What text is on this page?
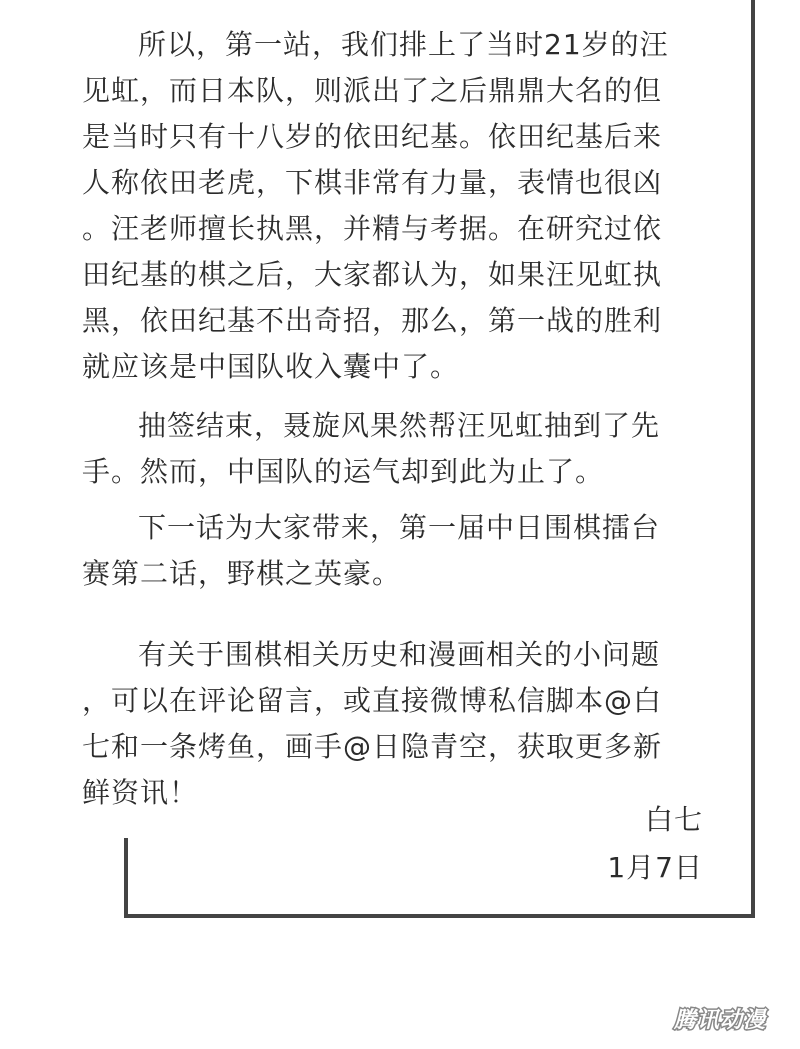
所以，第一站，我们排上了当时21岁的汪
见虹，而日本队，则派出了之后鼎鼎大名的但
是当时只有十八岁的依田纪基。依田纪基后来
人称依田老虎，下棋非常有力量，表情也很凶
。汪老师擅长执黑，并精与考据。在研究过依
田纪基的棋之后，大家都认为，如果汪见虹执
黑，依田纪基不出奇招，那么，第一战的胜利
就应该是中国队收入囊中了。

抽签结束，聂旋风果然帮汪见虹抽到了先
手。然而，中国队的运气却到此为止了。

下一话为大家带来，第一届中日围棋擂台
赛第二话，野棋之英豪。

有关于围棋相关历史和漫画相关的小问题
，可以在评论留言，或直接微博私信脚本@白
七和一条烤鱼，画手@日隐青空，获取更多新
鲜资讯！

白七
1月7日
腾讯动漫
